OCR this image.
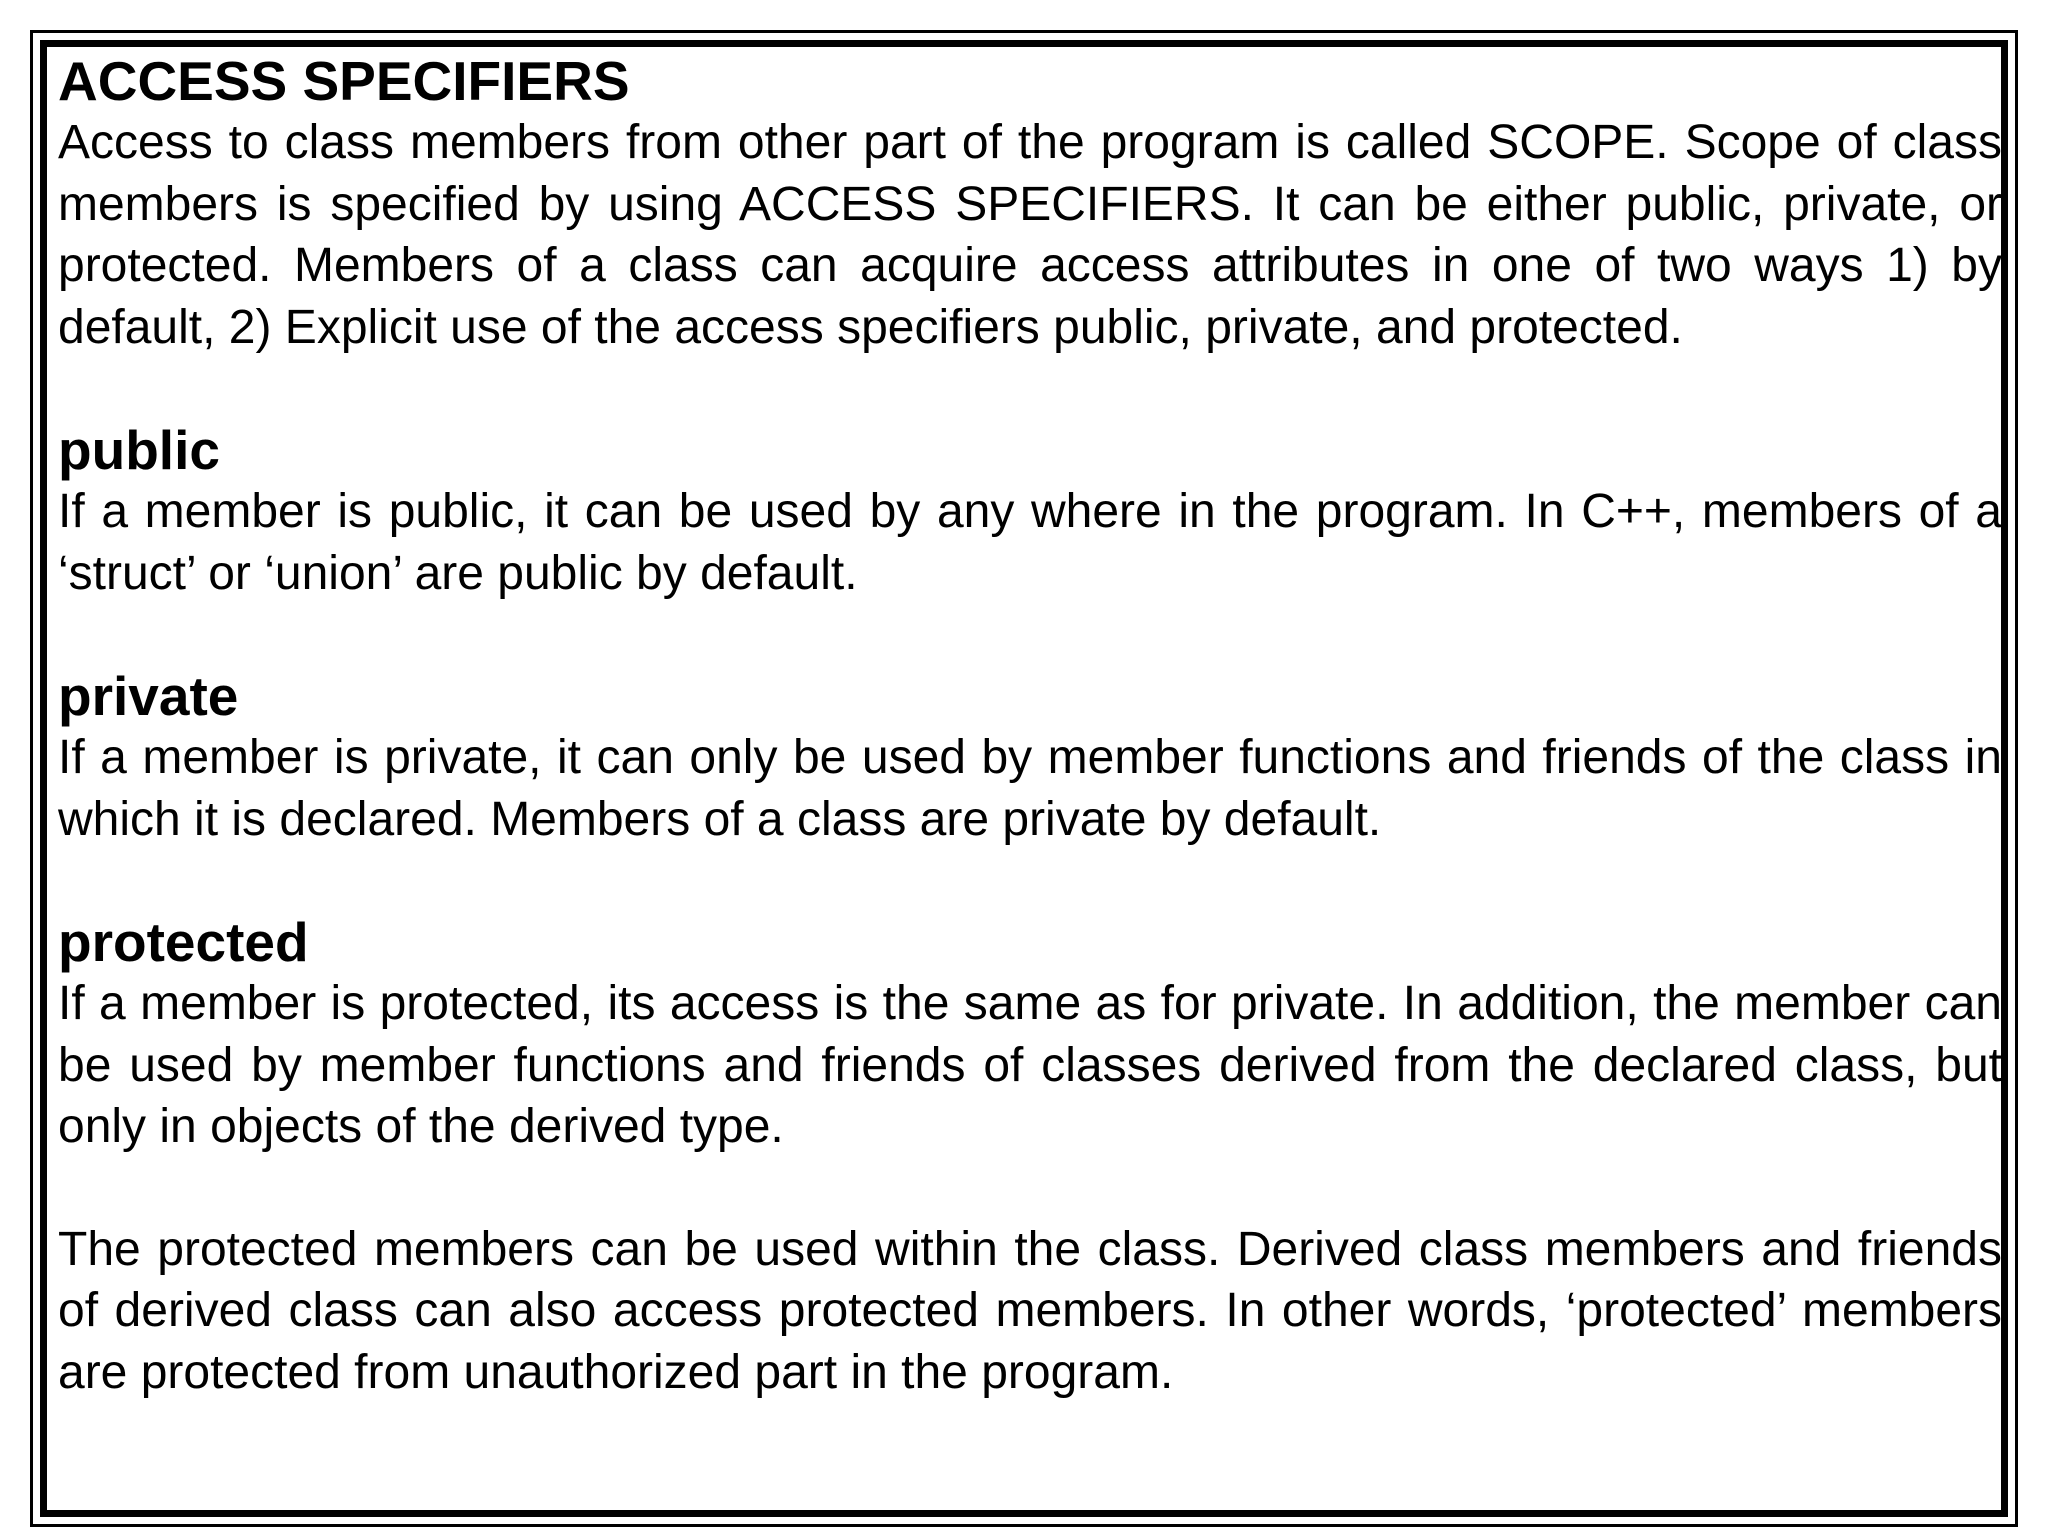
ACCESS SPECIFIERS

Access to class members from other part of the program is called SCOPE. Scope of class members is specified by using ACCESS SPECIFIERS. It can be either public, private, or protected. Members of a class can acquire access attributes in one of two ways 1) by default, 2) Explicit use of the access specifiers public, private, and protected.

public

If a member is public, it can be used by any where in the program. In C++, members of a ‘struct’ or ‘union’ are public by default.

private

If a member is private, it can only be used by member functions and friends of the class in which it is declared. Members of a class are private by default.

protected

If a member is protected, its access is the same as for private. In addition, the member can be used by member functions and friends of classes derived from the declared class, but only in objects of the derived type.

The protected members can be used within the class. Derived class members and friends of derived class can also access protected members. In other words, ‘protected’ members are protected from unauthorized part in the program.
